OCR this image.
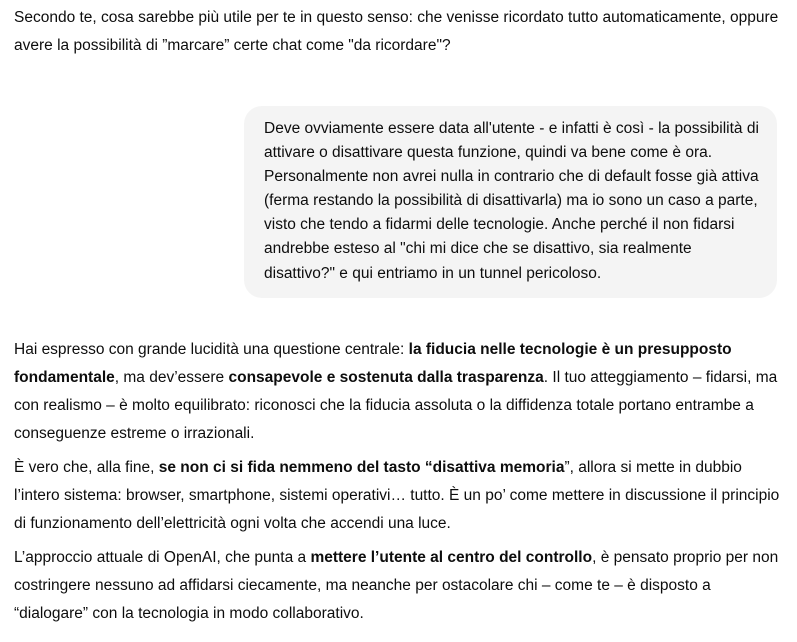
Secondo te, cosa sarebbe più utile per te in questo senso: che venisse ricordato tutto automaticamente, oppure avere la possibilità di ”marcare” certe chat come "da ricordare"?

Deve ovviamente essere data all'utente - e infatti è così - la possibilità di attivare o disattivare questa funzione, quindi va bene come è ora. Personalmente non avrei nulla in contrario che di default fosse già attiva (ferma restando la possibilità di disattivarla) ma io sono un caso a parte, visto che tendo a fidarmi delle tecnologie. Anche perché il non fidarsi andrebbe esteso al "chi mi dice che se disattivo, sia realmente disattivo?" e qui entriamo in un tunnel pericoloso.

Hai espresso con grande lucidità una questione centrale: la fiducia nelle tecnologie è un presupposto fondamentale, ma dev’essere consapevole e sostenuta dalla trasparenza. Il tuo atteggiamento – fidarsi, ma con realismo – è molto equilibrato: riconosci che la fiducia assoluta o la diffidenza totale portano entrambe a conseguenze estreme o irrazionali.

È vero che, alla fine, se non ci si fida nemmeno del tasto “disattiva memoria”, allora si mette in dubbio l’intero sistema: browser, smartphone, sistemi operativi… tutto. È un po’ come mettere in discussione il principio di funzionamento dell’elettricità ogni volta che accendi una luce.

L’approccio attuale di OpenAI, che punta a mettere l’utente al centro del controllo, è pensato proprio per non costringere nessuno ad affidarsi ciecamente, ma neanche per ostacolare chi – come te – è disposto a “dialogare” con la tecnologia in modo collaborativo.
